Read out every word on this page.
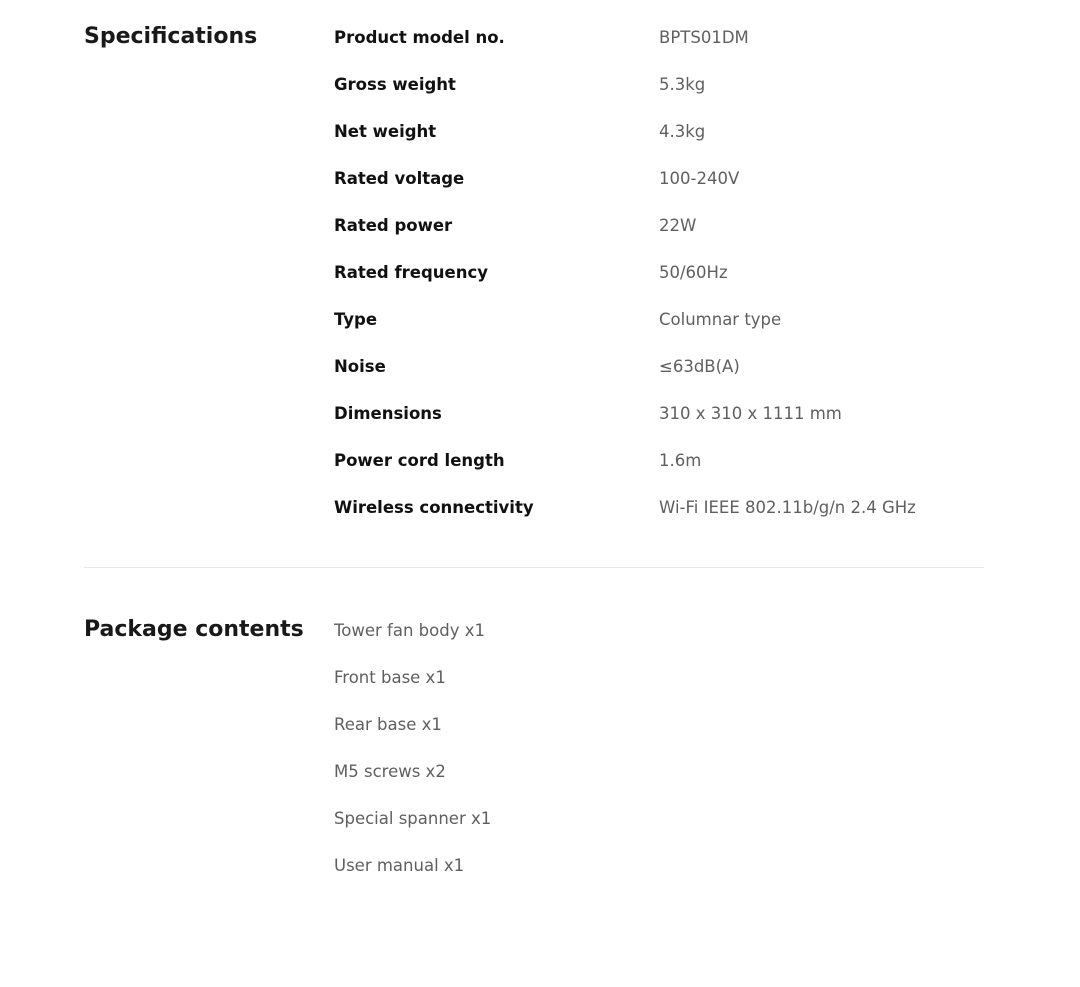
Specifications	Product model no.	BPTS01DM
Gross weight	5.3kg
Net weight	4.3kg
Rated voltage	100-240V
Rated power	22W
Rated frequency	50/60Hz
Type	Columnar type
Noise	≤63dB(A)
Dimensions	310 x 310 x 1111 mm
Power cord length	1.6m
Wireless connectivity	Wi-Fi IEEE 802.11b/g/n 2.4 GHz
Package contents Tower fan body x1
Front base x1
Rear base x1
M5 screws x2
Special spanner x1
User manual x1
